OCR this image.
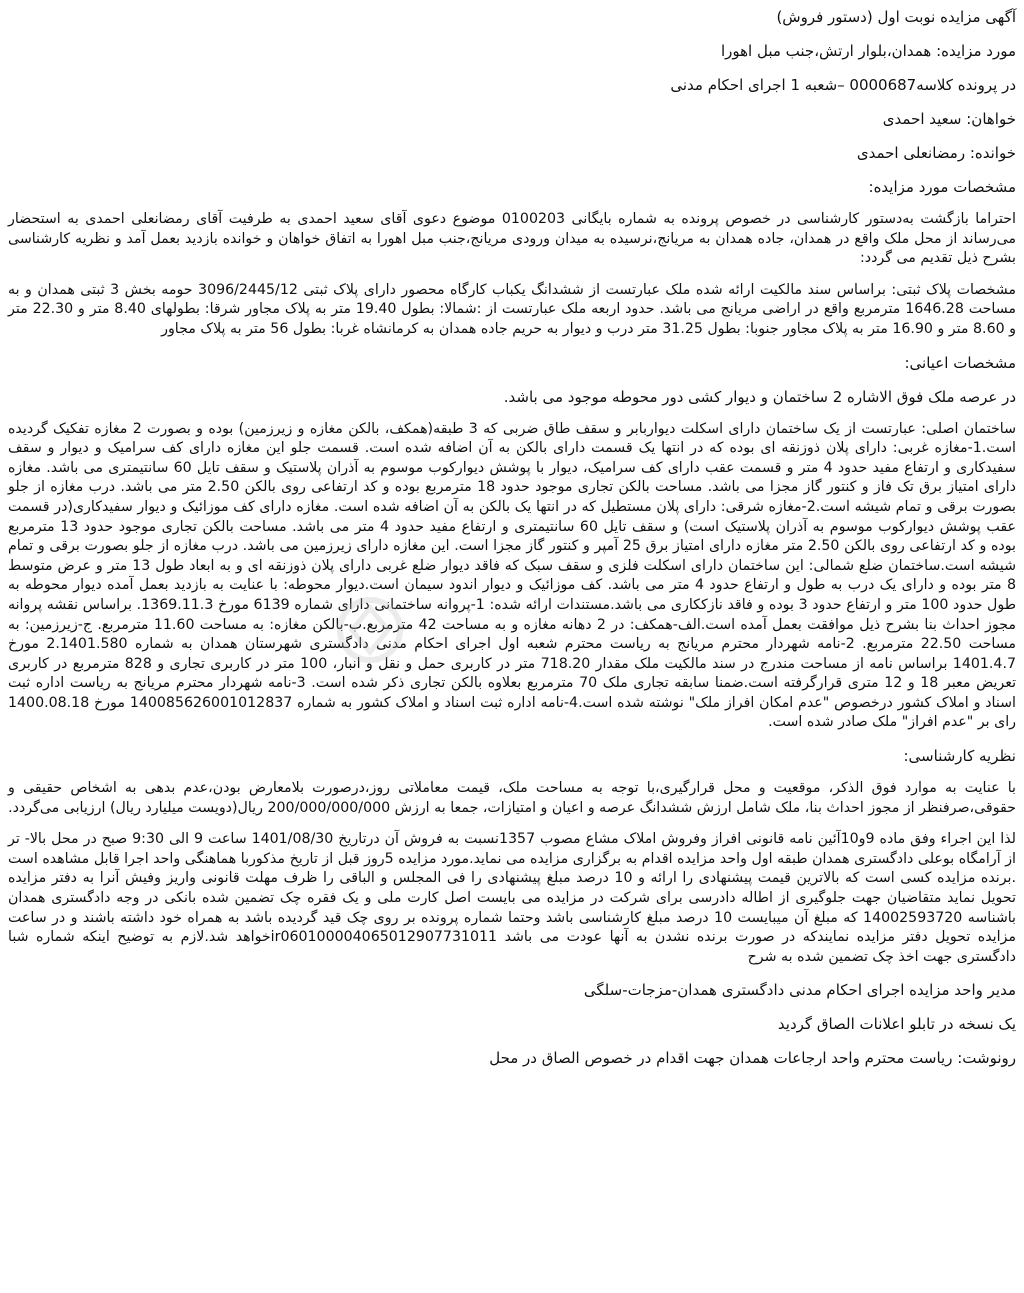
آگهی مزایده نوبت اول (دستور فروش)

مورد مزایده: همدان،بلوار ارتش،جنب مبل اهورا

در پرونده کلاسه0000687 –شعبه 1 اجرای احکام مدنی

خواهان: سعید احمدی

خوانده: رمضانعلی احمدی

مشخصات مورد مزایده:

احتراما بازگشت به‌دستور کارشناسی در خصوص پرونده به شماره بایگانی 0100203 موضوع دعوی آقای سعید احمدی به طرفیت آقای رمضانعلی احمدی به استحضار می‌رساند از محل ملک واقع در همدان، جاده همدان به مریانج،نرسیده به میدان ورودی مریانج،جنب مبل اهورا به اتفاق خواهان و خوانده بازدید بعمل آمد و نظریه کارشناسی بشرح ذیل تقدیم می گردد:

مشخصات پلاک ثبتی: براساس سند مالکیت ارائه شده ملک عبارتست از ششدانگ یکباب کارگاه محصور دارای پلاک ثبتی 3096/2445/12 حومه بخش 3 ثبتی همدان و به مساحت 1646.28 مترمربع واقع در اراضی مریانج می باشد. حدود اربعه ملک عبارتست از :شمالا: بطول 19.40 متر به پلاک مجاور شرقا: بطولهای 8.40 متر و 22.30 متر و 8.60 متر و 16.90 متر به پلاک مجاور جنوبا: بطول 31.25 متر درب و دیوار به حریم جاده همدان به کرمانشاه غربا: بطول 56 متر به پلاک مجاور

مشخصات اعیانی:

در عرصه ملک فوق الاشاره 2 ساختمان و دیوار کشی دور محوطه موجود می باشد.

ساختمان اصلی: عبارتست از یک ساختمان دارای اسکلت دیواربابر و سقف طاق ضربی که 3 طبقه(همکف، بالکن مغازه و زیرزمین) بوده و بصورت 2 مغازه تفکیک گردیده است.1-مغازه غربی: دارای پلان ذوزنقه ای بوده که در انتها یک قسمت دارای بالکن به آن اضافه شده است. قسمت جلو این مغازه دارای کف سرامیک و دیوار و سقف سفیدکاری و ارتفاع مفید حدود 4 متر و قسمت عقب دارای کف سرامیک، دیوار با پوشش دیوارکوب موسوم به آذران پلاستیک و سقف تایل 60 سانتیمتری می باشد. مغازه دارای امتیاز برق تک فاز و کنتور گاز مجزا می باشد. مساحت بالکن تجاری موجود حدود 18 مترمربع بوده و کد ارتفاعی روی بالکن 2.50 متر می باشد. درب مغازه از جلو بصورت برقی و تمام شیشه است.2-مغازه شرقی: دارای پلان مستطیل که در انتها یک بالکن به آن اضافه شده است. مغازه دارای کف موزائیک و دیوار سفیدکاری(در قسمت عقب پوشش دیوارکوب موسوم به آذران پلاستیک است) و سقف تایل 60 سانتیمتری و ارتفاع مفید حدود 4 متر می باشد. مساحت بالکن تجاری موجود حدود 13 مترمربع بوده و کد ارتفاعی روی بالکن 2.50 متر مغازه دارای امتیاز برق 25 آمپر و کنتور گاز مجزا است. این مغازه دارای زیرزمین می باشد. درب مغازه از جلو بصورت برقی و تمام شیشه است.ساختمان ضلع شمالی: این ساختمان دارای اسکلت فلزی و سقف سبک که فاقد دیوار ضلع غربی دارای پلان ذوزنقه ای و به ابعاد طول 13 متر و عرض متوسط 8 متر بوده و دارای یک درب به طول و ارتفاع حدود 4 متر می باشد. کف موزائیک و دیوار اندود سیمان است.دیوار محوطه: با عنایت به بازدید بعمل آمده دیوار محوطه به طول حدود 100 متر و ارتفاع حدود 3 بوده و فاقد نازککاری می باشد.مستندات ارائه شده: 1-پروانه ساختمانی دارای شماره 6139 مورخ 1369.11.3. براساس نقشه پروانه مجوز احداث بنا بشرح ذیل موافقت بعمل آمده است.الف-همکف: در 2 دهانه مغازه و به مساحت 42 مترمربع.ب-بالکن مغازه: به مساحت 11.60 مترمربع. ج-زیرزمین: به مساحت 22.50 مترمربع. 2-نامه شهردار محترم مریانج به ریاست محترم شعبه اول اجرای احکام مدنی دادگستری شهرستان همدان به شماره 2.1401.580 مورخ 1401.4.7 براساس نامه از مساحت مندرج در سند مالکیت ملک مقدار 718.20 متر در کاربری حمل و نقل و انبار، 100 متر در کاربری تجاری و 828 مترمربع در کاربری تعریض معبر 18 و 12 متری قرارگرفته است.ضمنا سابقه تجاری ملک 70 مترمربع بعلاوه بالکن تجاری ذکر شده است. 3-نامه شهردار محترم مریانج به ریاست اداره ثبت اسناد و املاک کشور درخصوص "عدم امکان افراز ملک" نوشته شده است.4-نامه اداره ثبت اسناد و املاک کشور به شماره 140085626001012837 مورخ 1400.08.18 رای بر "عدم افراز" ملک صادر شده است.

نظریه کارشناسی:

با عنایت به موارد فوق الذکر، موقعیت و محل قرارگیری،با توجه به مساحت ملک، قیمت معاملاتی روز،درصورت بلامعارض بودن،عدم بدهی به اشخاص حقیقی و حقوقی،صرفنظر از مجوز احداث بنا، ملک شامل ارزش ششدانگ عرصه و اعیان و امتیازات، جمعا به ارزش 200/000/000/000 ریال(دویست میلیارد ریال) ارزیابی می‌گردد.

لذا این اجراء وفق ماده 9و10آئین نامه قانونی افراز وفروش املاک مشاع مصوب 1357نسبت به فروش آن درتاریخ 1401/08/30 ساعت 9 الی 9:30 صبح در محل بالا- تر از آرامگاه بوعلی دادگستری همدان طبقه اول واحد مزایده اقدام به برگزاری مزایده می نماید.مورد مزایده 5روز قبل از تاریخ مذکوربا هماهنگی واحد اجرا قابل مشاهده است .برنده مزایده کسی است که بالاترین قیمت پیشنهادی را ارائه و 10 درصد مبلغ پیشنهادی را فی المجلس و الباقی را ظرف مهلت قانونی واریز وفیش آنرا به دفتر مزایده تحویل نماید متقاضیان جهت جلوگیری از اطاله دادرسی برای شرکت در مزایده می بایست اصل کارت ملی و یک فقره چک تضمین شده بانکی در وجه دادگستری همدان باشناسه 14002593720 که مبلغ آن میبایست 10 درصد مبلغ کارشناسی باشد وحتما شماره پرونده بر روی چک قید گردیده باشد به همراه خود داشته باشند و در ساعت مزایده تحویل دفتر مزایده نمایندکه در صورت برنده نشدن به آنها عودت می باشد ir060100004065012907731011خواهد شد.لازم به توضیح اینکه شماره شبا دادگستری جهت اخذ چک تضمین شده به شرح

مدیر واحد مزایده اجرای احکام مدنی دادگستری همدان-مزجات-سلگی

یک نسخه در تابلو اعلانات الصاق گردید

رونوشت: ریاست محترم واحد ارجاعات همدان جهت اقدام در خصوص الصاق در محل
